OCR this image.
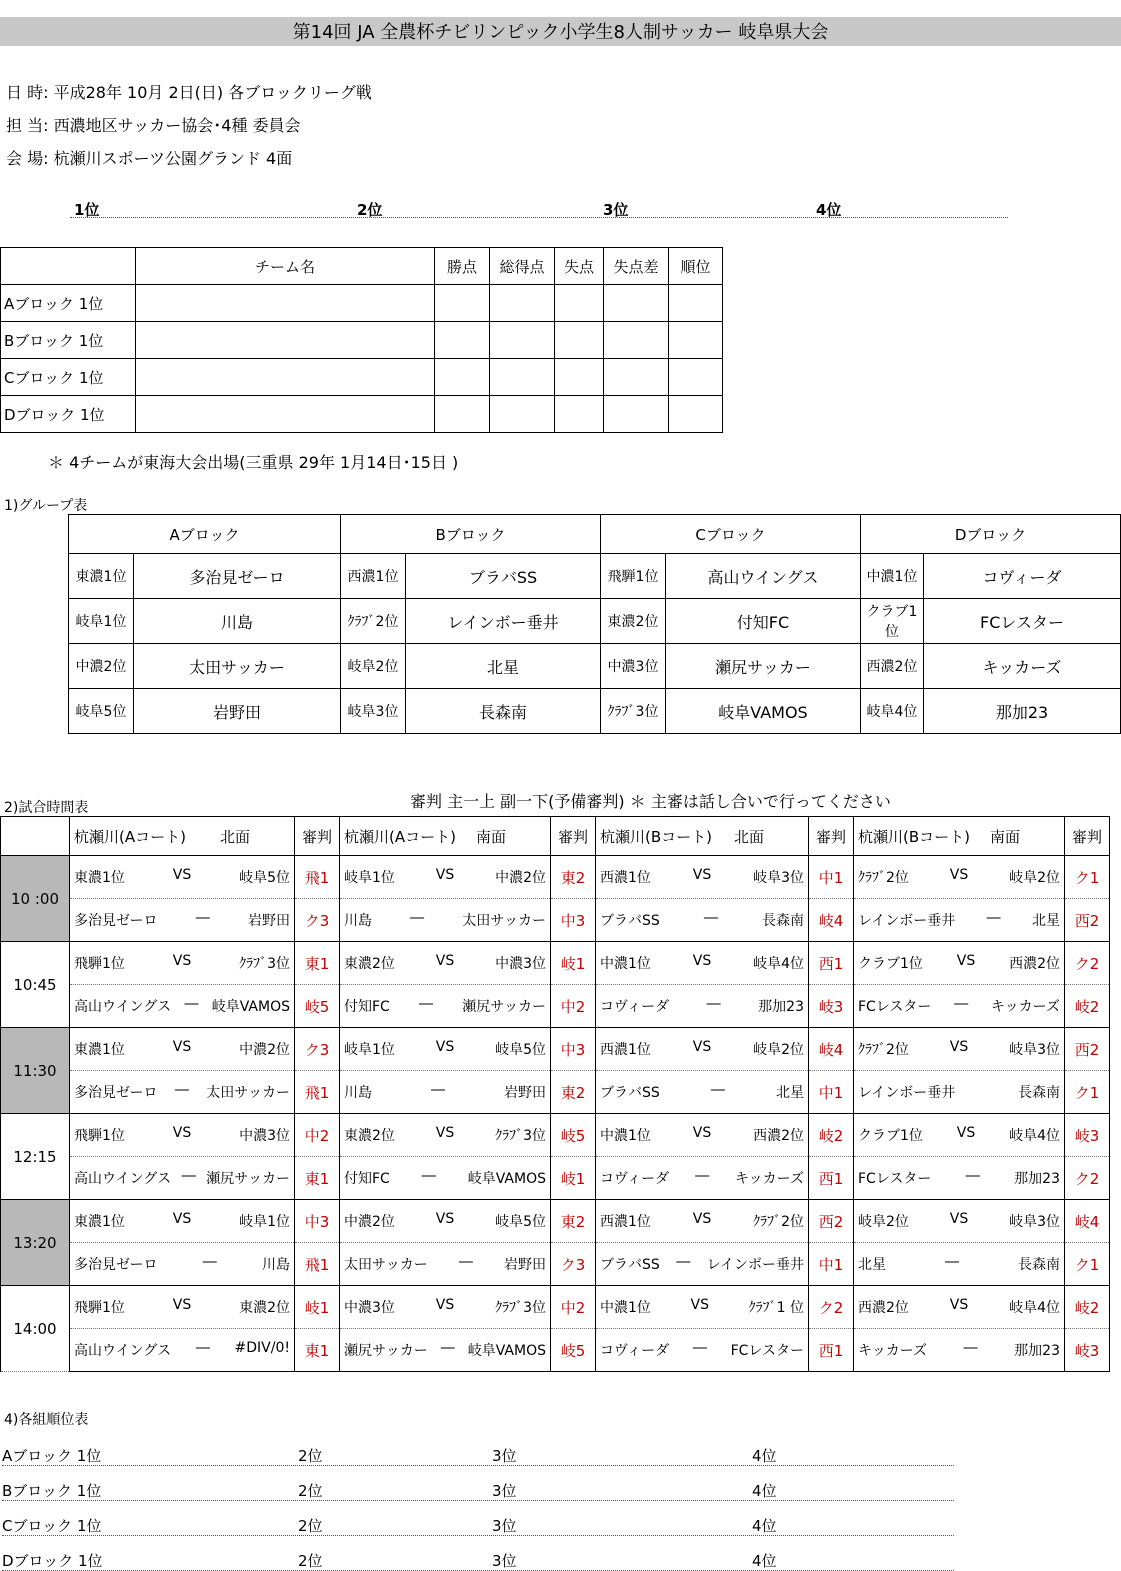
第14回 JA 全農杯チビリンピック小学生8人制サッカー 岐阜県大会
日 時: 平成28年 10月 2日(日) 各ブロックリーグ戦
担 当: 西濃地区サッカー協会･4種 委員会
会 場: 杭瀬川スポーツ公園グランド 4面
1位	2位	3位	4位
	チーム名	勝点	総得点	失点	失点差	順位
Aブロック 1位						
Bブロック 1位						
Cブロック 1位						
Dブロック 1位						
＊ 4チームが東海大会出場(三重県 29年 1月14日･15日 )
1)グループ表
	Aブロック		Bブロック		Cブロック		Dブロック	
	東濃1位	多治見ゼーロ	西濃1位	ブラバSS	飛騨1位	高山ウイングス	中濃1位	コヴィーダ
	岐阜1位	川島	ｸﾗﾌﾞ2位	レインボー垂井	東濃2位	付知FC	クラブ1位	FCレスター
	中濃2位	太田サッカー	岐阜2位	北星	中濃3位	瀬尻サッカー	西濃2位	キッカーズ
	岐阜5位	岩野田	岐阜3位	長森南	ｸﾗﾌﾞ3位	岐阜VAMOS	岐阜4位	那加23
審判 主一上 副一下(予備審判) ＊ 主審は話し合いで行ってください
2)試合時間表

	杭瀬川(Aコート) 北面	審判	杭瀬川(Aコート) 南面	審判	杭瀬川(Bコート) 北面	審判	杭瀬川(Bコート) 南面	審判
10 :00	東濃1位 VS 岐阜5位	飛1	岐阜1位 VS 中濃2位	東2	西濃1位 VS 岐阜3位	中1	ｸﾗﾌﾞ2位 VS 岐阜2位	ク1

	多治見ゼーロ ― 岩野田	ク3	川島 ― 太田サッカー	中3	ブラバSS ― 長森南	岐4	レインボー垂井 ― 北星	西2
10:45	飛騨1位 VS ｸﾗﾌﾞ3位	東1	東濃2位 VS 中濃3位	岐1	中濃1位 VS 岐阜4位	西1	クラブ1位 VS 西濃2位	ク2

	高山ウイングス ― 岐阜VAMOS	岐5	付知FC ― 瀬尻サッカー	中2	コヴィーダ ― 那加23	岐3	FCレスター ― キッカーズ	岐2
11:30	東濃1位 VS 中濃2位	ク3	岐阜1位 VS 岐阜5位	中3	西濃1位 VS 岐阜2位	岐4	ｸﾗﾌﾞ2位 VS 岐阜3位	西2

	多治見ゼーロ ― 太田サッカー	飛1	川島 ― 岩野田	東2	ブラバSS ― 北星	中1	レインボー垂井 長森南	ク1
12:15	飛騨1位 VS 中濃3位	中2	東濃2位 VS ｸﾗﾌﾞ3位	岐5	中濃1位 VS 西濃2位	岐2	クラブ1位 VS 岐阜4位	岐3

	高山ウイングス ― 瀬尻サッカー	東1	付知FC ― 岐阜VAMOS	岐1	コヴィーダ ― キッカーズ	西1	FCレスター ― 那加23	ク2
13:20	東濃1位 VS 岐阜1位	中3	中濃2位 VS 岐阜5位	東2	西濃1位 VS ｸﾗﾌﾞ2位	西2	岐阜2位 VS 岐阜3位	岐4

	多治見ゼーロ ― 川島	飛1	太田サッカー ― 岩野田	ク3	ブラバSS ― レインボー垂井	中1	北星 ― 長森南	ク1
14:00	飛騨1位 VS 東濃2位	岐1	中濃3位 VS ｸﾗﾌﾞ3位	中2	中濃1位 VS ｸﾗﾌﾞ1 位	ク2	西濃2位 VS 岐阜4位	岐2

	高山ウイングス ― #DIV/0!	東1	瀬尻サッカー ― 岐阜VAMOS	岐5	コヴィーダ ― FCレスター	西1	キッカーズ ― 那加23	岐3
4)各組順位表
Aブロック 1位	2位	3位	4位
Bブロック 1位	2位	3位	4位
Cブロック 1位	2位	3位	4位
Dブロック 1位	2位	3位	4位
